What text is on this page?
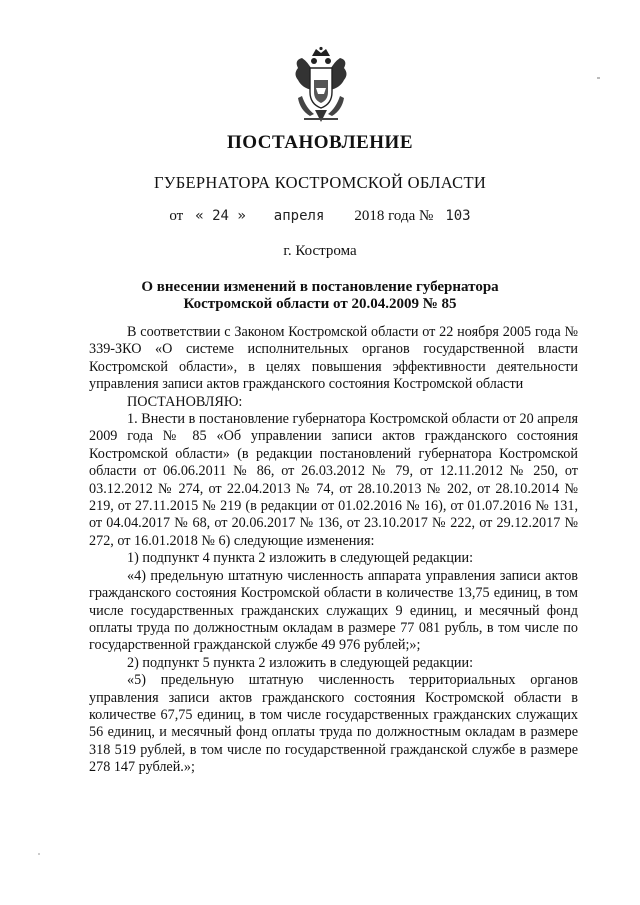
ПОСТАНОВЛЕНИЕ
ГУБЕРНАТОРА КОСТРОМСКОЙ ОБЛАСТИ
от « 24 » апреля 2018 года № 103
г. Кострома
О внесении изменений в постановление губернатора
Костромской области от 20.04.2009 № 85

В соответствии с Законом Костромской области от 22 ноября 2005 года № 339-ЗКО «О системе исполнительных органов государственной власти Костромской области», в целях повышения эффективности деятельности управления записи актов гражданского состояния Костромской области

ПОСТАНОВЛЯЮ:

1. Внести в постановление губернатора Костромской области от 20 апреля 2009 года № 85 «Об управлении записи актов гражданского состояния Костромской области» (в редакции постановлений губернатора Костромской области от 06.06.2011 № 86, от 26.03.2012 № 79, от 12.11.2012 № 250, от 03.12.2012 № 274, от 22.04.2013 № 74, от 28.10.2013 № 202, от 28.10.2014 № 219, от 27.11.2015 № 219 (в редакции от 01.02.2016 № 16), от 01.07.2016 № 131, от 04.04.2017 № 68, от 20.06.2017 № 136, от 23.10.2017 № 222, от 29.12.2017 № 272, от 16.01.2018 № 6) следующие изменения:

1) подпункт 4 пункта 2 изложить в следующей редакции:

«4) предельную штатную численность аппарата управления записи актов гражданского состояния Костромской области в количестве 13,75 единиц, в том числе государственных гражданских служащих 9 единиц, и месячный фонд оплаты труда по должностным окладам в размере 77 081 рубль, в том числе по государственной гражданской службе 49 976 рублей;»;

2) подпункт 5 пункта 2 изложить в следующей редакции:

«5) предельную штатную численность территориальных органов управления записи актов гражданского состояния Костромской области в количестве 67,75 единиц, в том числе государственных гражданских служащих 56 единиц, и месячный фонд оплаты труда по должностным окладам в размере 318 519 рублей, в том числе по государственной гражданской службе в размере 278 147 рублей.»;
